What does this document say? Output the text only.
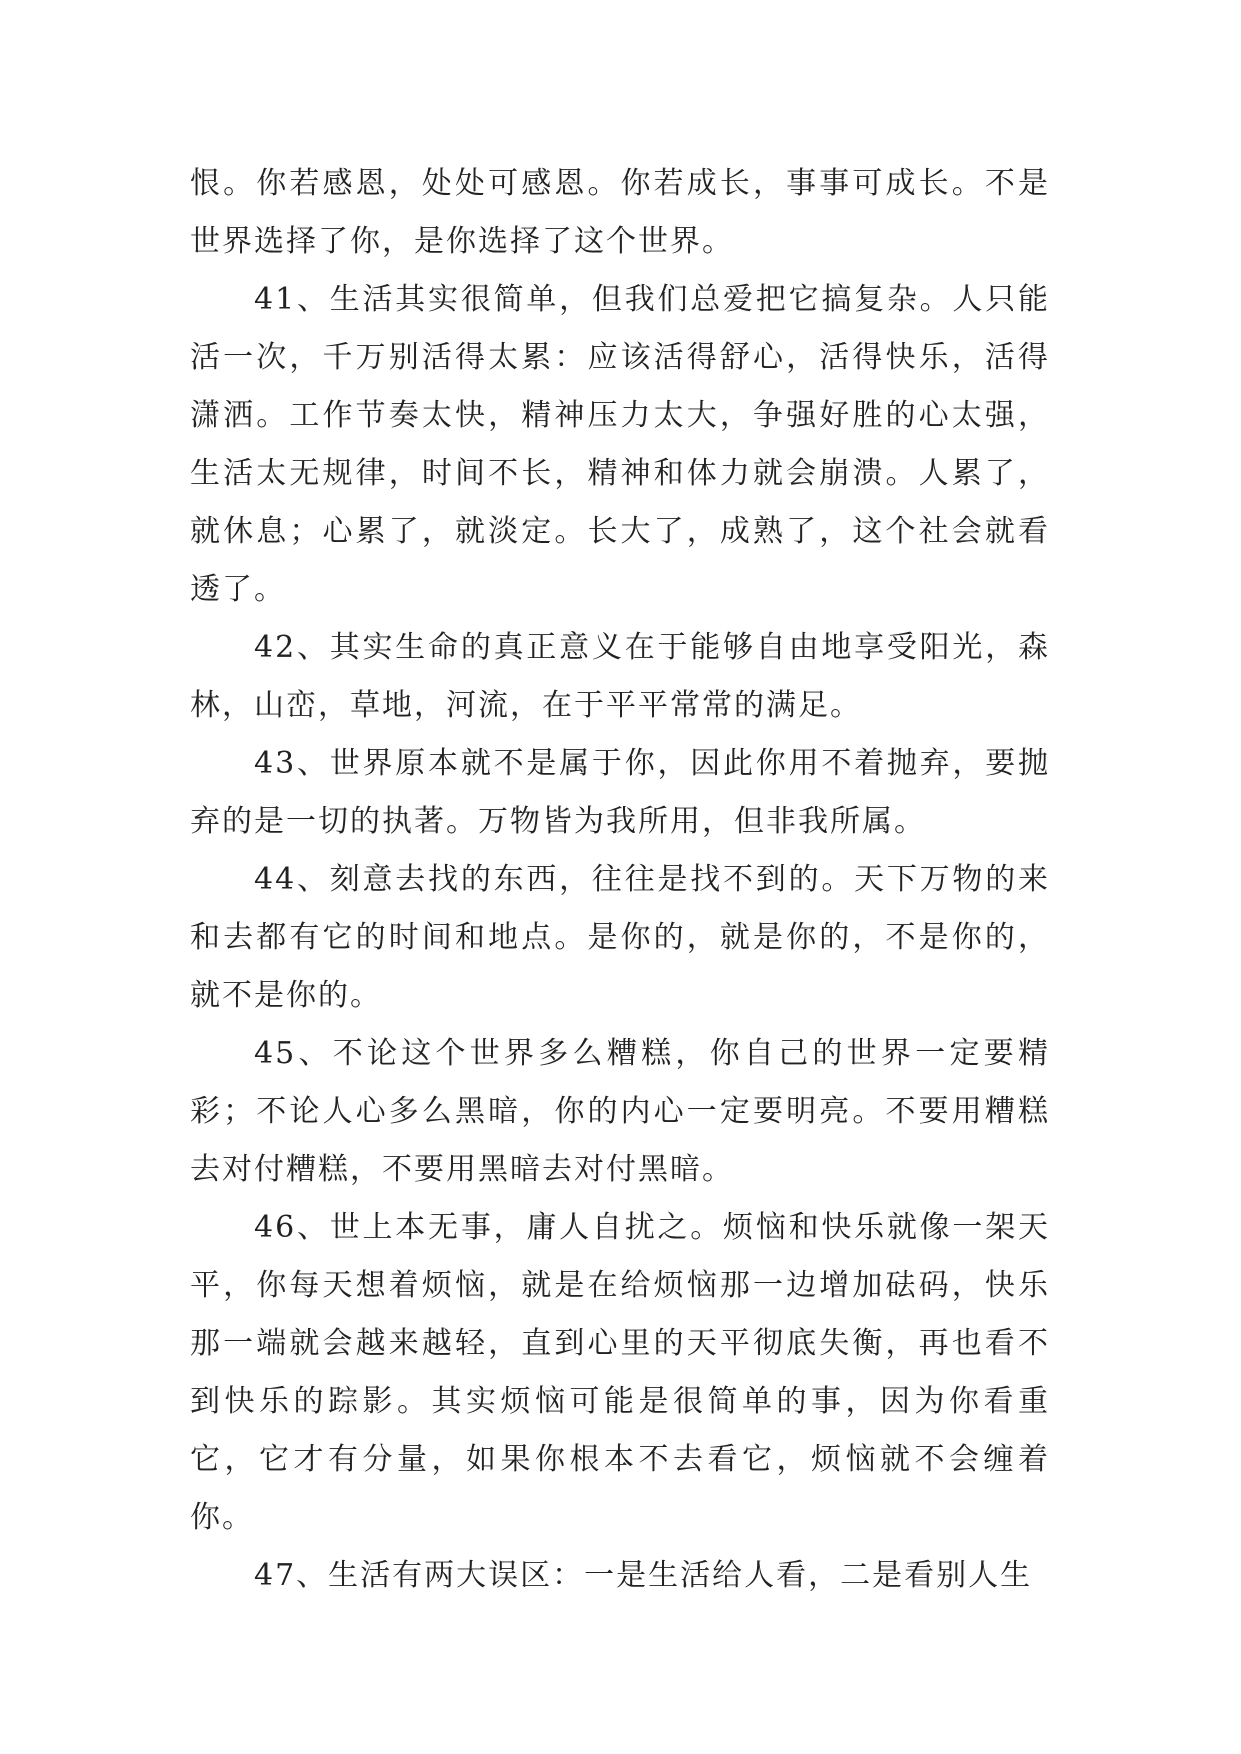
恨。你若感恩，处处可感恩。你若成长，事事可成长。不是世界选择了你，是你选择了这个世界。

41、生活其实很简单，但我们总爱把它搞复杂。人只能活一次，千万别活得太累：应该活得舒心，活得快乐，活得潇洒。工作节奏太快，精神压力太大，争强好胜的心太强，生活太无规律，时间不长，精神和体力就会崩溃。人累了，就休息；心累了，就淡定。长大了，成熟了，这个社会就看透了。

42、其实生命的真正意义在于能够自由地享受阳光，森林，山峦，草地，河流，在于平平常常的满足。

43、世界原本就不是属于你，因此你用不着抛弃，要抛弃的是一切的执著。万物皆为我所用，但非我所属。

44、刻意去找的东西，往往是找不到的。天下万物的来和去都有它的时间和地点。是你的，就是你的，不是你的，就不是你的。

45、不论这个世界多么糟糕，你自己的世界一定要精彩；不论人心多么黑暗，你的内心一定要明亮。不要用糟糕去对付糟糕，不要用黑暗去对付黑暗。

46、世上本无事，庸人自扰之。烦恼和快乐就像一架天平，你每天想着烦恼，就是在给烦恼那一边增加砝码，快乐那一端就会越来越轻，直到心里的天平彻底失衡，再也看不到快乐的踪影。其实烦恼可能是很简单的事，因为你看重它，它才有分量，如果你根本不去看它，烦恼就不会缠着你。

47、生活有两大误区：一是生活给人看，二是看别人生
